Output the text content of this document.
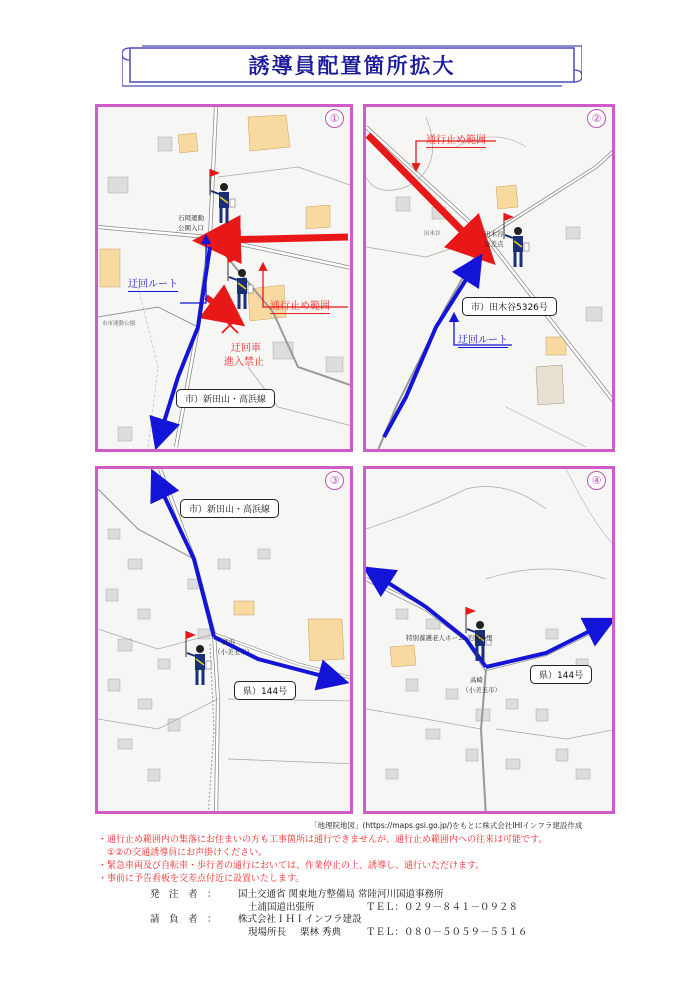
誘導員配置箇所拡大
①
石岡運動
公園入口
市市運動公園
迂回ルート
通行止め範囲
迂回車
進入禁止
市）新田山・高浜線
②
通行止め範囲
田木谷	田木谷
交差点
市）田木谷5326号
迂回ルート
③
市）新田山・高浜線
高浜
（小美玉市）
県）144号
④
特別養護老人ホーム 美園の里
高崎
（小美玉市）
県）144号
「地理院地図」(https://maps.gsi.go.jp/)をもとに株式会社IHIインフラ建設作成
・通行止め範囲内の集落にお住まいの方も工事箇所は通行できませんが、通行止め範囲内への往来は可能です。
　①②の交通誘導員にお声掛けください。
・緊急車両及び自転車・歩行者の通行においては、作業停止の上、誘導し、通行いただけます。
・事前に予告看板を交差点付近に設置いたします。
発　注　者　： 国土交通省 関東地方整備局 常陸河川国道事務所
土浦国道出張所	ＴＥＬ：０２９－８４１－０９２８
請　負　者　： 株式会社ＩＨＩインフラ建設
現場所長 栗林 秀典	ＴＥＬ：０８０－５０５９－５５１６
